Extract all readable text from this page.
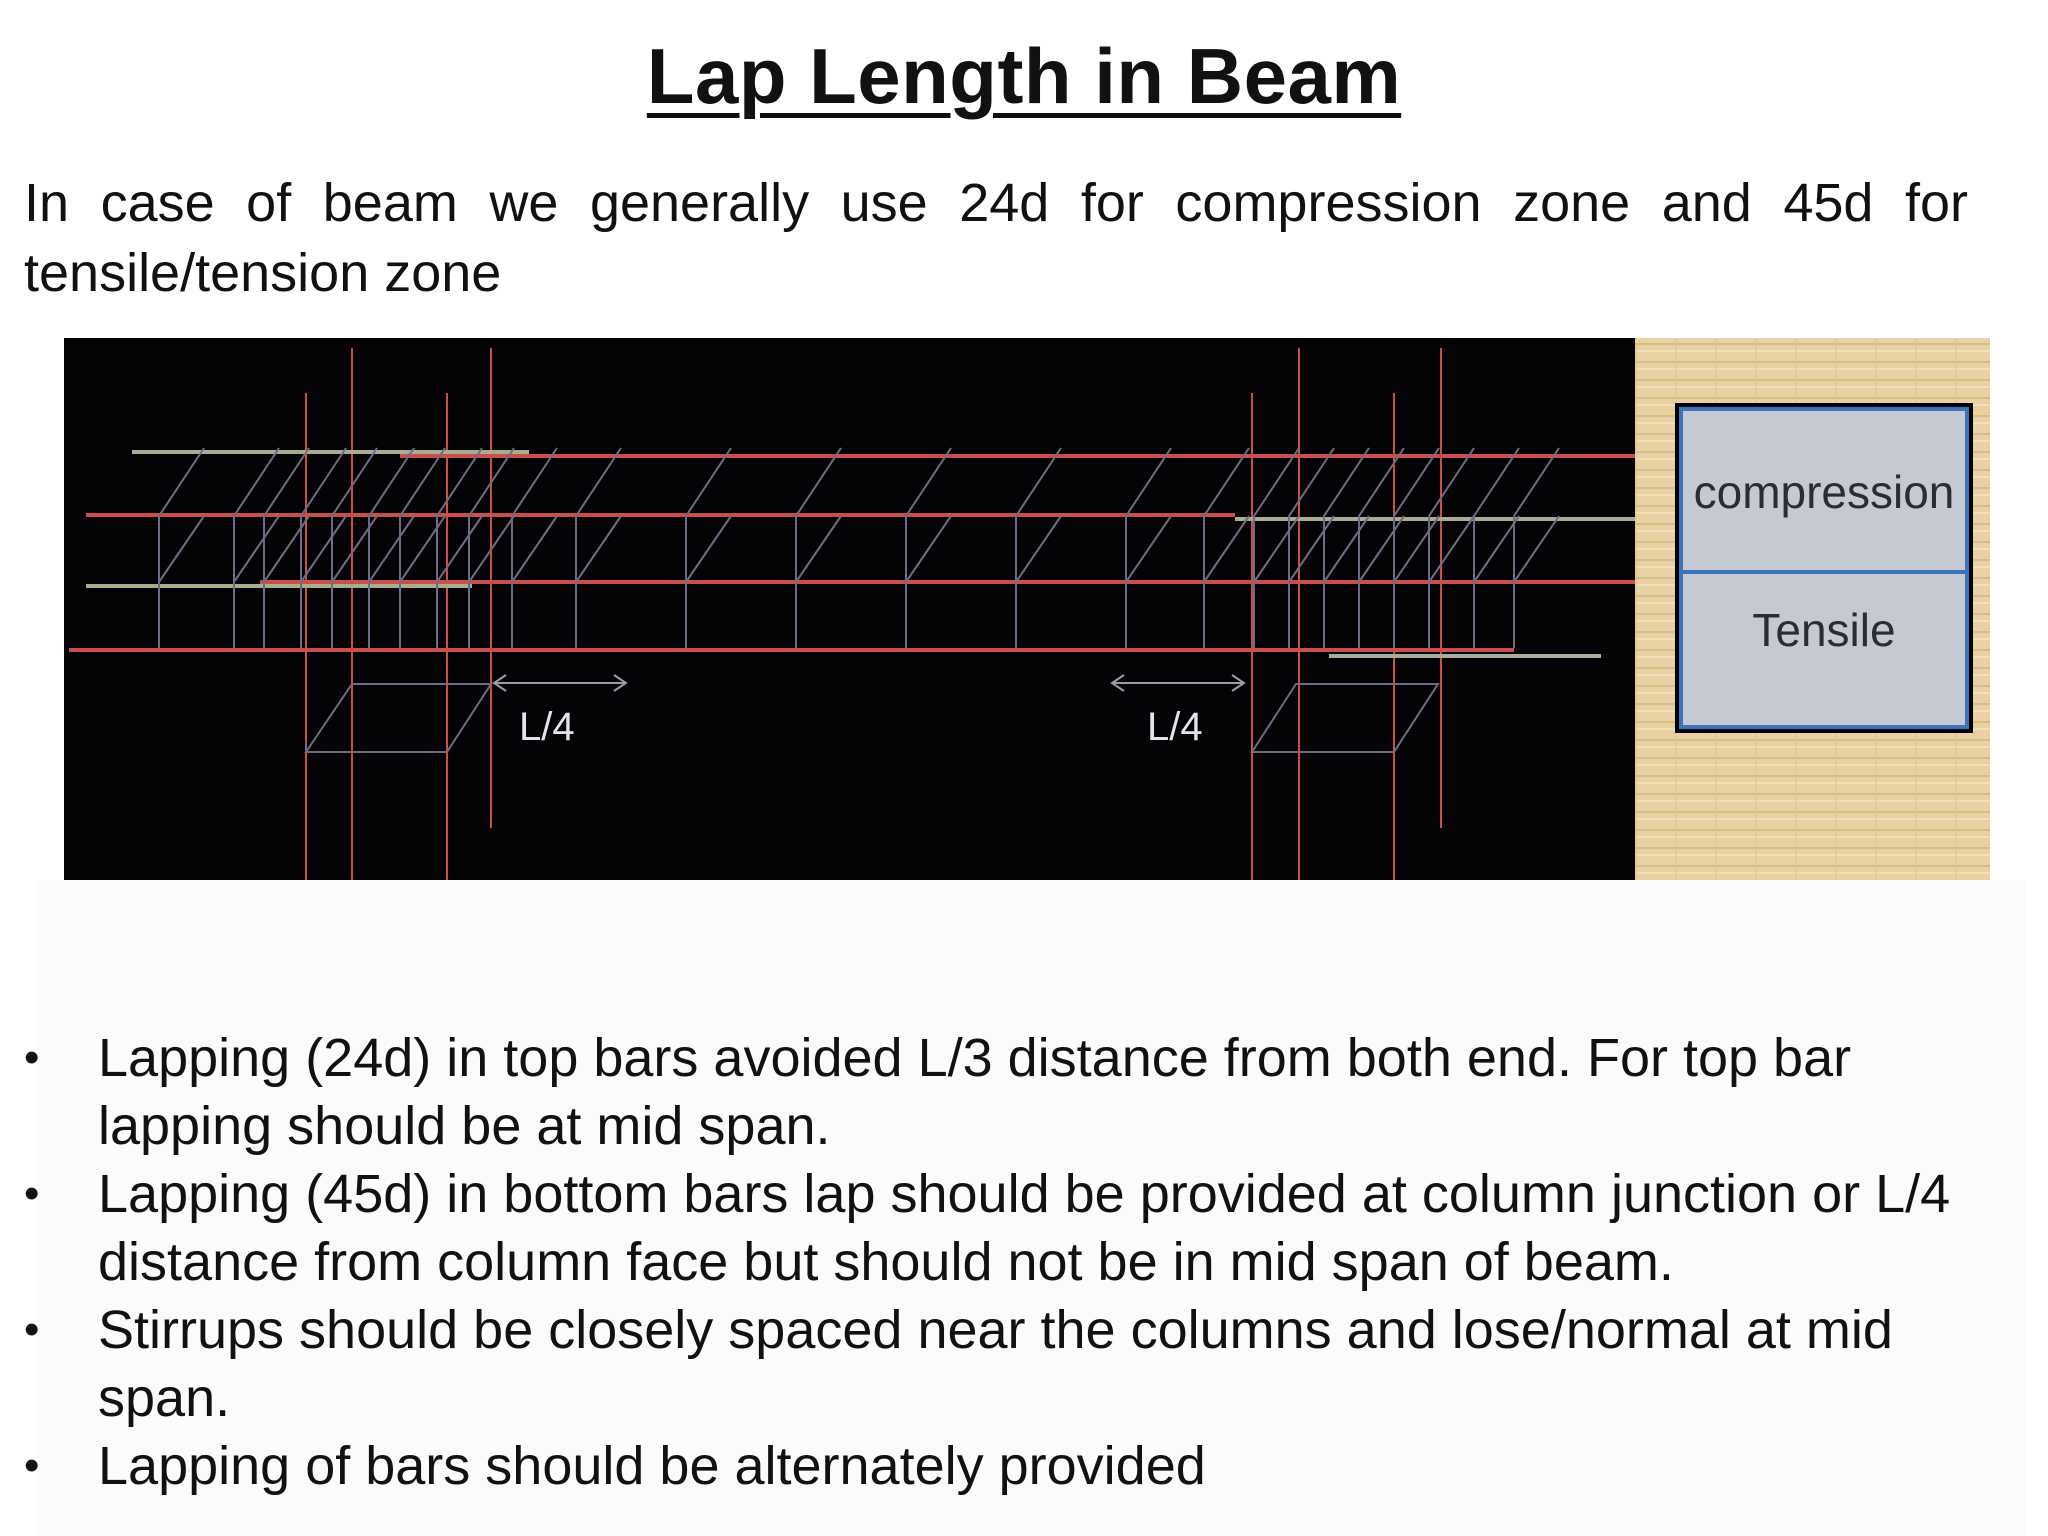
Lap Length in Beam

In case of beam we generally use 24d for compression zone and 45d for tensile/tension zone

L/4	L/4
compression
Tensile
•	Lapping (24d) in top bars avoided L/3 distance from both end. For top bar lapping should be at mid span.
•	Lapping (45d) in bottom bars lap should be provided at column junction or L/4 distance from column face but should not be in mid span of beam.
•	Stirrups should be closely spaced near the columns and lose/normal at mid span.
•	Lapping of bars should be alternately provided
